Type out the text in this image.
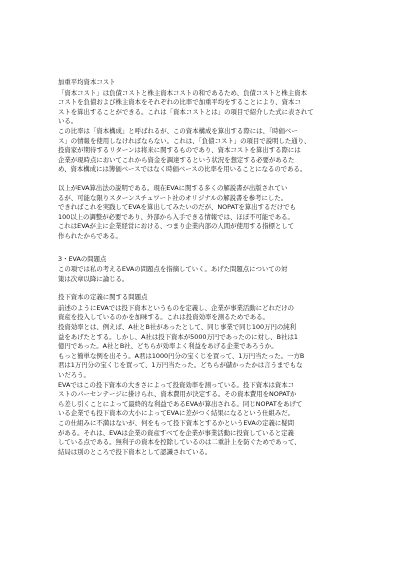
加重平均資本コスト
「資本コスト」は負債コストと株主資本コストの和であるため、負債コストと株主資本
コストを負債および株主資本をそれぞれの比率で加重平均をすることにより、資本コ
ストを算出することができる。これは「資本コストとは」の項目で紹介した式に表されて
いる。
この比率は「資本構成」と呼ばれるが、この資本構成を算出する際には、「時価ベー
ス」の情報を使用しなければならない。これは、「負債コスト」の項目で説明した通り、
投資家が期待するリターンは将来に関するものであり、資本コストを算出する際には
企業が現時点においてこれから資金を調達するという状況を想定する必要があるた
め、資本構成には簿価ベースではなく時価ベースの比率を用いることになるのである。
以上がEVA算出法の説明である。現在EVAに関する多くの解説書が出版されてい
るが、可能な限りスターンスチュワート社のオリジナルの解説書を参考にした。
できればこれを実践してEVAを算出してみたいのだが、NOPATを算出するだけでも
100以上の調整が必要であり、外部から入手できる情報では、ほぼ不可能である。
これはEVAが主に企業経営における、つまり企業内部の人間が使用する指標として
作られたからである。
3・EVAの問題点
この項では私の考えるEVAの問題点を指摘していく。あげた問題点についての対
策は次章以降に論じる。
投下資本の定義に関する問題点
前述のようにEVAでは投下資本というものを定義し、企業が事業活動にどれだけの
資産を投入しているのかを加味する。これは投資効率を測るためである。
投資効率とは、例えば、A社とB社があったとして、同じ事業で同じ100万円の純利
益をあげたとする。しかし、A社は投下資本が5000万円であったのに対し、B社は1
億円であった。A社とB社、どちらが効率よく利益をあげる企業であろうか。
もっと簡単な例を出そう。A君は1000円分の宝くじを買って、1万円当たった。一方B
君は1万円分の宝くじを買って、1万円当たった。どちらが儲かったかは言うまでもな
いだろう。
EVAではこの投下資本の大きさによって投資効率を測っている。投下資本は資本コ
ストのパーセンテージに掛けられ、資本費用が決定する。その資本費用をNOPATか
ら差し引くことによって最終的な利益であるEVAが算出される。同じNOPATをあげて
いる企業でも投下資本の大小によってEVAに差がつく結果になるという仕組みだ。
この仕組みに不満はないが、何をもって投下資本とするかというEVAの定義に疑問
がある。それは、EVAは企業の資産すべてを企業が事業活動に投資していると定義
している点である。無利子の資本を控除しているのは二重計上を防ぐためであって、
結局は別のところで投下資本として認識されている。
